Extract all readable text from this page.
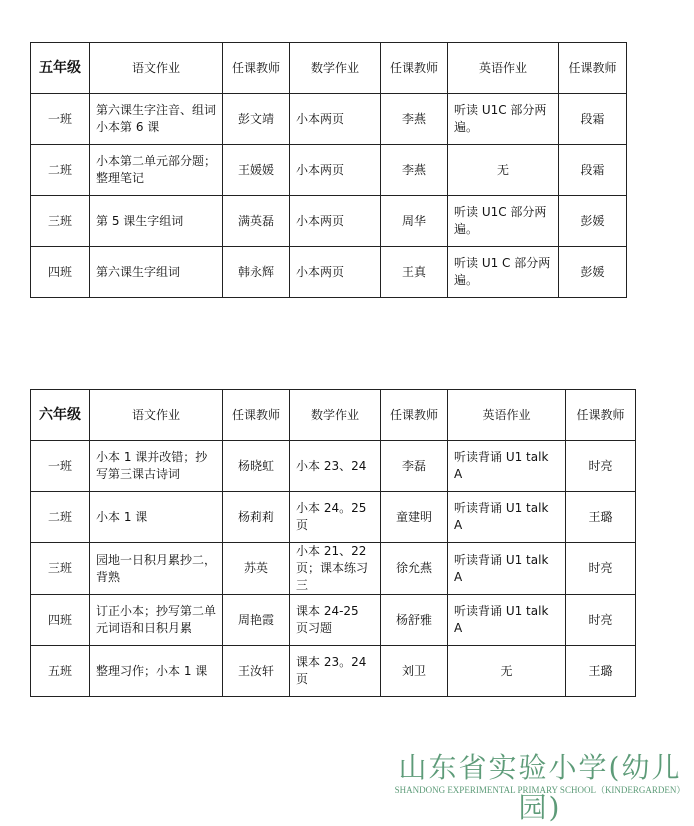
五年级	语文作业	任课教师	数学作业	任课教师	英语作业	任课教师
一班	第六课生字注音、组词小本第 6 课	彭文靖	小本两页	李燕	听读 U1C 部分两遍。	段霜
二班	小本第二单元部分题；整理笔记	王媛媛	小本两页	李燕	无	段霜
三班	第 5 课生字组词	满英磊	小本两页	周华	听读 U1C 部分两遍。	彭媛
四班	第六课生字组词	韩永辉	小本两页	王真	听读 U1 C 部分两遍。	彭媛
六年级	语文作业	任课教师	数学作业	任课教师	英语作业	任课教师
一班	小本 1 课并改错；抄写第三课古诗词	杨晓虹	小本 23、24	李磊	听读背诵 U1 talk A	时亮
二班	小本 1 课	杨莉莉	小本 24。25 页	童建明	听读背诵 U1 talk A	王璐
三班	园地一日积月累抄二，背熟	苏英	小本 21、22 页；课本练习三	徐允燕	听读背诵 U1 talk A	时亮
四班	订正小本；抄写第二单元词语和日积月累	周艳霞	课本 24-25 页习题	杨舒雅	听读背诵 U1 talk A	时亮
五班	整理习作；小本 1 课	王汝轩	课本 23。24 页	刘卫	无	王璐
山东省实验小学(幼儿园)
SHANDONG EXPERIMENTAL PRIMARY SCHOOL（KINDERGARDEN）
